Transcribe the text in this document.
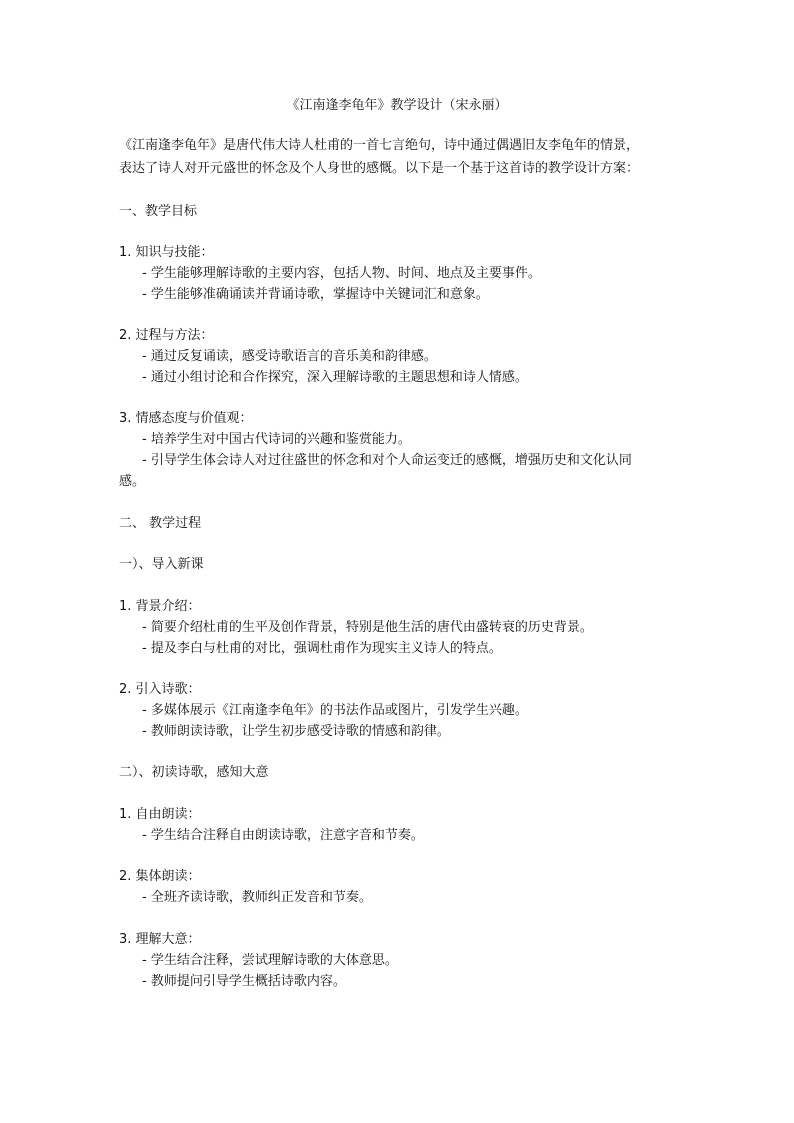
《江南逢李龟年》教学设计（宋永丽）
《江南逢李龟年》是唐代伟大诗人杜甫的一首七言绝句，诗中通过偶遇旧友李龟年的情景，
表达了诗人对开元盛世的怀念及个人身世的感慨。以下是一个基于这首诗的教学设计方案：
一、教学目标
1. 知识与技能：
- 学生能够理解诗歌的主要内容，包括人物、时间、地点及主要事件。
- 学生能够准确诵读并背诵诗歌，掌握诗中关键词汇和意象。
2. 过程与方法：
- 通过反复诵读，感受诗歌语言的音乐美和韵律感。
- 通过小组讨论和合作探究，深入理解诗歌的主题思想和诗人情感。
3. 情感态度与价值观：
- 培养学生对中国古代诗词的兴趣和鉴赏能力。
- 引导学生体会诗人对过往盛世的怀念和对个人命运变迁的感慨，增强历史和文化认同
感。
二、 教学过程
一）、导入新课
1. 背景介绍：
- 简要介绍杜甫的生平及创作背景，特别是他生活的唐代由盛转衰的历史背景。
- 提及李白与杜甫的对比，强调杜甫作为现实主义诗人的特点。
2. 引入诗歌：
- 多媒体展示《江南逢李龟年》的书法作品或图片，引发学生兴趣。
- 教师朗读诗歌，让学生初步感受诗歌的情感和韵律。
二）、初读诗歌，感知大意
1. 自由朗读：
- 学生结合注释自由朗读诗歌，注意字音和节奏。
2. 集体朗读：
- 全班齐读诗歌，教师纠正发音和节奏。
3. 理解大意：
- 学生结合注释，尝试理解诗歌的大体意思。
- 教师提问引导学生概括诗歌内容。
